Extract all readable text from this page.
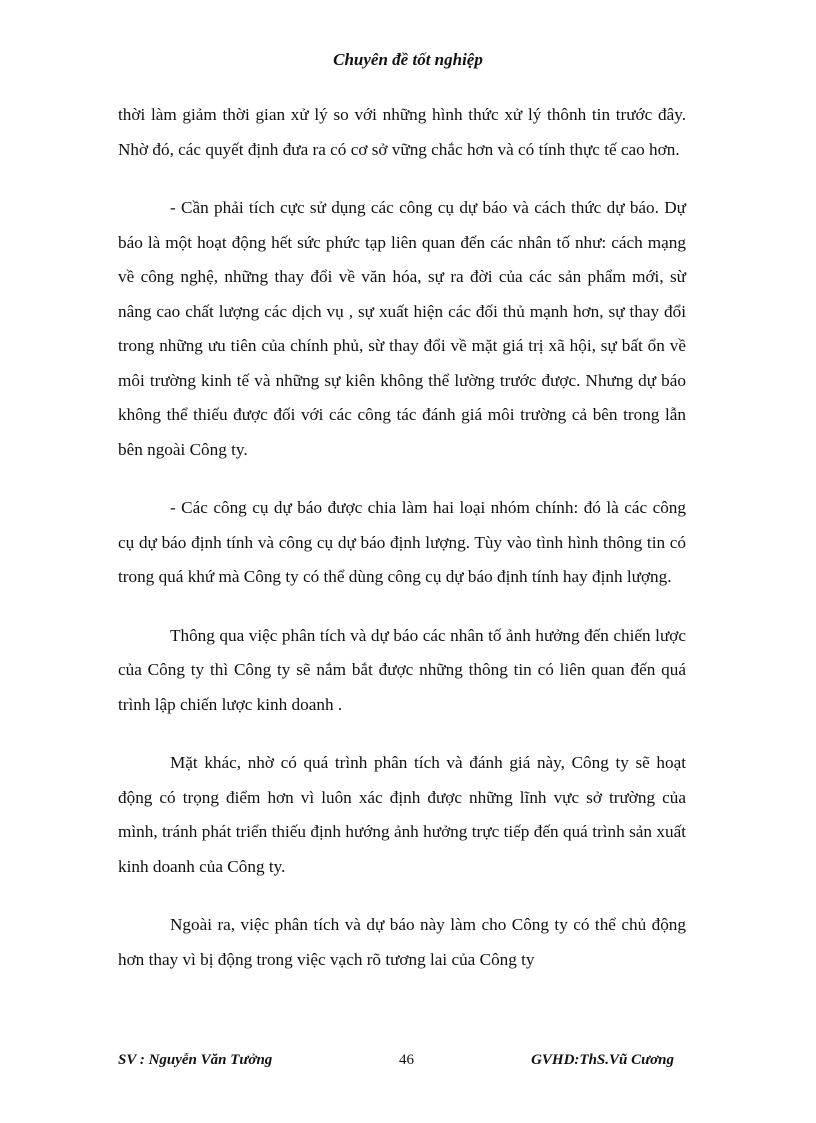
Chuyên đề tốt nghiệp

thời làm giảm thời gian xử lý so với những hình thức xử lý thônh tin trước đây. Nhờ đó, các quyết định đưa ra có cơ sở vững chắc hơn và có tính thực tế cao hơn.

- Cần phải tích cực sử dụng các công cụ dự báo và cách thức dự báo. Dự báo là một hoạt động hết sức phức tạp liên quan đến các nhân tố như: cách mạng về công nghệ, những thay đổi về văn hóa, sự ra đời của các sản phẩm mới, sừ nâng cao chất lượng các dịch vụ , sự xuất hiện các đối thủ mạnh hơn, sự thay đổi trong những ưu tiên của chính phủ, sừ thay đổi về mặt giá trị xã hội, sự bất ổn về môi trường kinh tế và những sự kiên không thể lường trước được. Nhưng dự báo không thể thiếu được đối với các công tác đánh giá môi trường cả bên trong lẫn bên ngoài Công ty.

- Các công cụ dự báo được chia làm hai loại nhóm chính: đó là các công cụ dự báo định tính và công cụ dự báo định lượng. Tùy vào tình hình thông tin có trong quá khứ mà Công ty có thể dùng công cụ dự báo định tính hay định lượng.

Thông qua việc phân tích và dự báo các nhân tố ảnh hưởng đến chiến lược của Công ty thì Công ty sẽ nắm bắt được những thông tin có liên quan đến quá trình lập chiến lược kinh doanh .

Mặt khác, nhờ có quá trình phân tích và đánh giá này, Công ty sẽ hoạt động có trọng điểm hơn vì luôn xác định được những lĩnh vực sở trường của mình, tránh phát triển thiếu định hướng ảnh hưởng trực tiếp đến quá trình sản xuất kinh doanh của Công ty.

Ngoài ra, việc phân tích và dự báo này làm cho Công ty có thể chủ động hơn thay vì bị động trong việc vạch rõ tương lai của Công ty

SV : Nguyễn Văn Tưởng	46	GVHD:ThS.Vũ Cương
